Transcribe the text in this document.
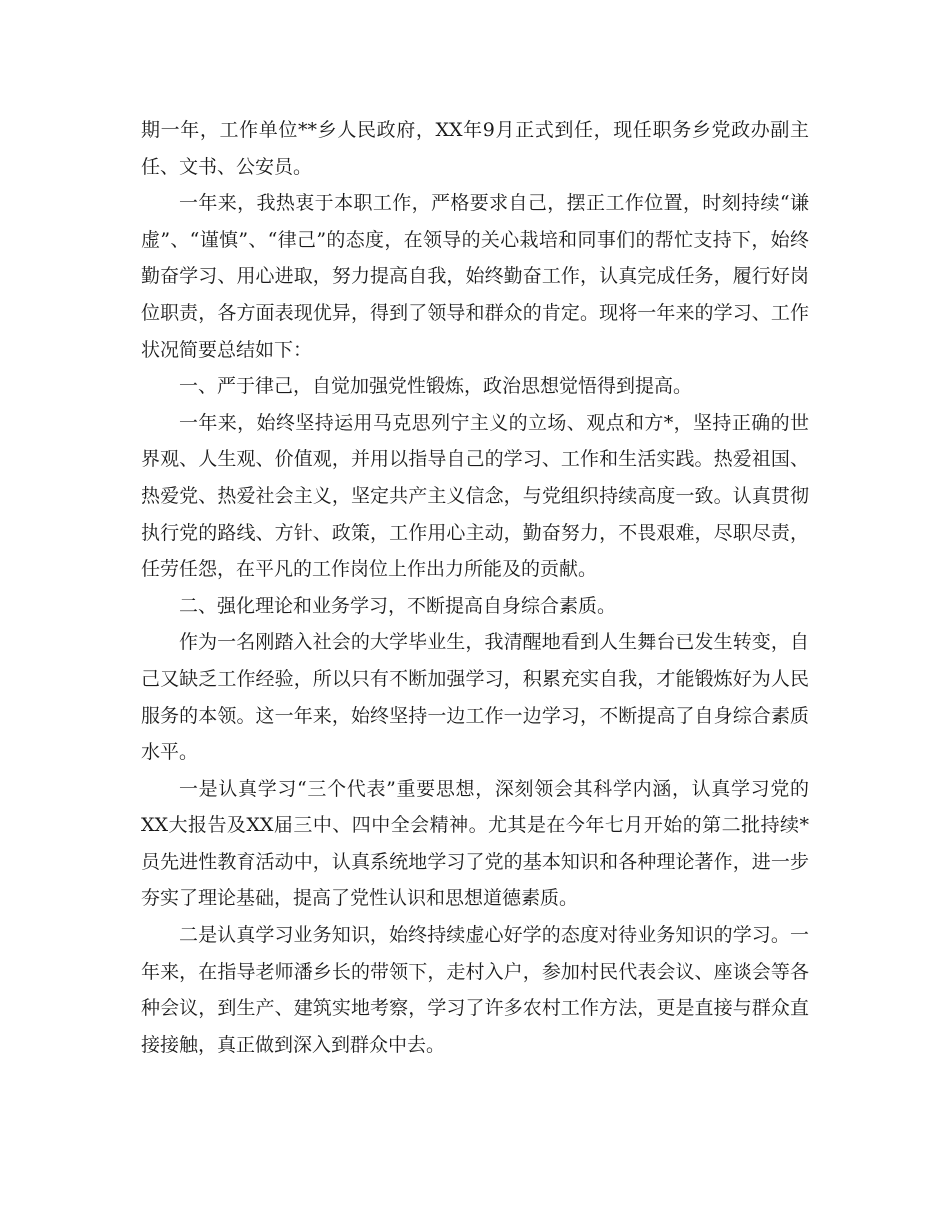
期一年，工作单位**乡人民政府，XX年9月正式到任，现任职务乡党政办副主任、文书、公安员。

一年来，我热衷于本职工作，严格要求自己，摆正工作位置，时刻持续“谦虚”、“谨慎”、“律己”的态度，在领导的关心栽培和同事们的帮忙支持下，始终勤奋学习、用心进取，努力提高自我，始终勤奋工作，认真完成任务，履行好岗位职责，各方面表现优异，得到了领导和群众的肯定。现将一年来的学习、工作状况简要总结如下：

一、严于律己，自觉加强党性锻炼，政治思想觉悟得到提高。

一年来，始终坚持运用马克思列宁主义的立场、观点和方*，坚持正确的世界观、人生观、价值观，并用以指导自己的学习、工作和生活实践。热爱祖国、热爱党、热爱社会主义，坚定共产主义信念，与党组织持续高度一致。认真贯彻执行党的路线、方针、政策，工作用心主动，勤奋努力，不畏艰难，尽职尽责，任劳任怨，在平凡的工作岗位上作出力所能及的贡献。

二、强化理论和业务学习，不断提高自身综合素质。

作为一名刚踏入社会的大学毕业生，我清醒地看到人生舞台已发生转变，自己又缺乏工作经验，所以只有不断加强学习，积累充实自我，才能锻炼好为人民服务的本领。这一年来，始终坚持一边工作一边学习，不断提高了自身综合素质水平。

一是认真学习“三个代表”重要思想，深刻领会其科学内涵，认真学习党的XX大报告及XX届三中、四中全会精神。尤其是在今年七月开始的第二批持续*员先进性教育活动中，认真系统地学习了党的基本知识和各种理论著作，进一步夯实了理论基础，提高了党性认识和思想道德素质。

二是认真学习业务知识，始终持续虚心好学的态度对待业务知识的学习。一年来，在指导老师潘乡长的带领下，走村入户，参加村民代表会议、座谈会等各种会议，到生产、建筑实地考察，学习了许多农村工作方法，更是直接与群众直接接触，真正做到深入到群众中去。
